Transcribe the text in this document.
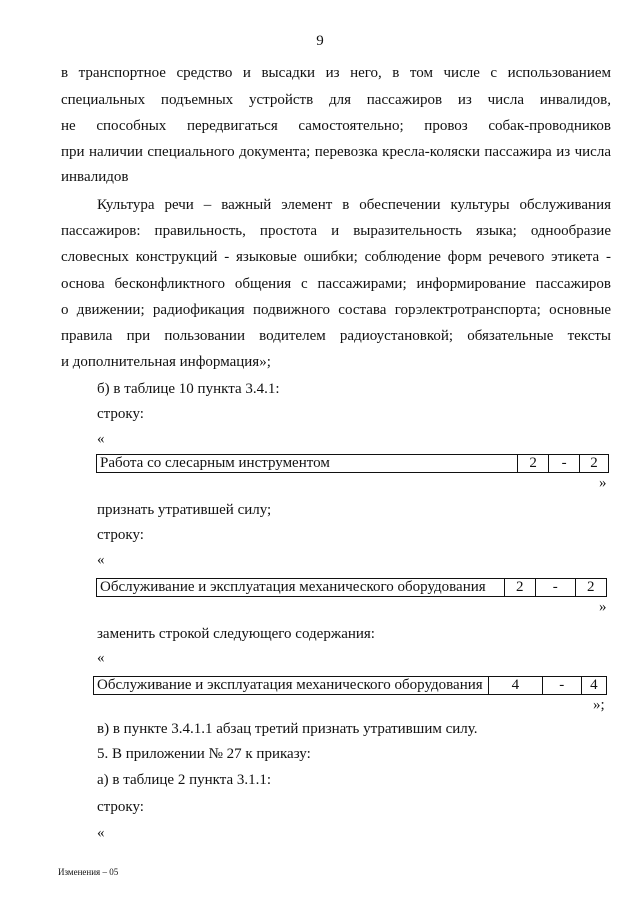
9
в транспортное средство и высадки из него, в том числе с использованием
специальных подъемных устройств для пассажиров из числа инвалидов,
не способных передвигаться самостоятельно; провоз собак-проводников
при наличии специального документа; перевозка кресла-коляски пассажира из числа
инвалидов
Культура речи – важный элемент в обеспечении культуры обслуживания
пассажиров: правильность, простота и выразительность языка; однообразие
словесных конструкций - языковые ошибки; соблюдение форм речевого этикета -
основа бесконфликтного общения с пассажирами; информирование пассажиров
о движении; радиофикация подвижного состава горэлектротранспорта; основные
правила при пользовании водителем радиоустановкой; обязательные тексты
и дополнительная информация»;
б) в таблице 10 пункта 3.4.1:
строку:
«
Работа со слесарным инструментом	2	-	2
»
признать утратившей силу;
строку:
«
Обслуживание и эксплуатация механического оборудования	2	-	2
»
заменить строкой следующего содержания:
«
Обслуживание и эксплуатация механического оборудования	4	-	4
»;
в) в пункте 3.4.1.1 абзац третий признать утратившим силу.
5. В приложении № 27 к приказу:
а) в таблице 2 пункта 3.1.1:
строку:
«
Изменения – 05
